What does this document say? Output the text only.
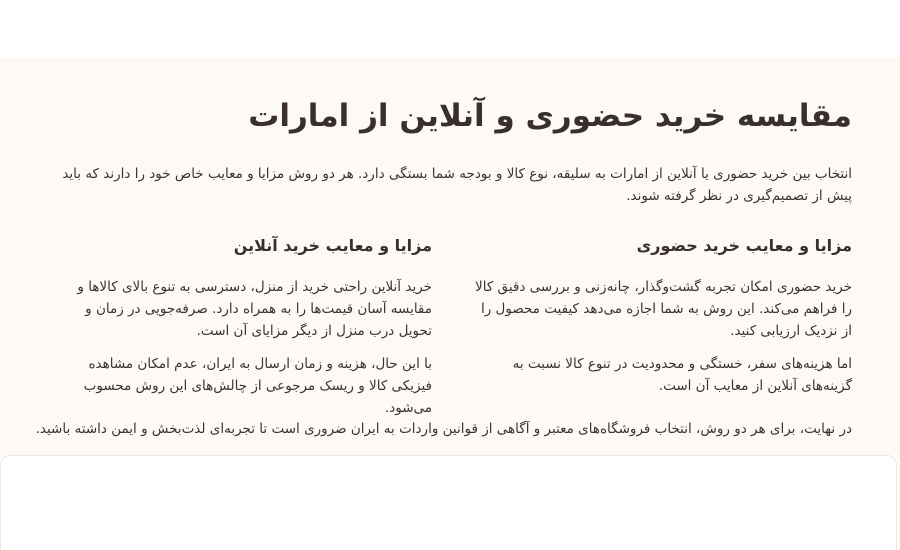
مقایسه خرید حضوری و آنلاین از امارات

انتخاب بین خرید حضوری یا آنلاین از امارات به سلیقه، نوع کالا و بودجه شما بستگی دارد. هر دو روش مزایا و معایب خاص خود را دارند که باید پیش از تصمیم‌گیری در نظر گرفته شوند.

مزایا و معایب خرید حضوری

خرید حضوری امکان تجربه گشت‌وگذار، چانه‌زنی و بررسی دقیق کالا را فراهم می‌کند. این روش به شما اجازه می‌دهد کیفیت محصول را از نزدیک ارزیابی کنید.

اما هزینه‌های سفر، خستگی و محدودیت در تنوع کالا نسبت به گزینه‌های آنلاین از معایب آن است.

مزایا و معایب خرید آنلاین

خرید آنلاین راحتی خرید از منزل، دسترسی به تنوع بالای کالاها و مقایسه آسان قیمت‌ها را به همراه دارد. صرفه‌جویی در زمان و تحویل درب منزل از دیگر مزایای آن است.

با این حال، هزینه و زمان ارسال به ایران، عدم امکان مشاهده فیزیکی کالا و ریسک مرجوعی از چالش‌های این روش محسوب می‌شود.

در نهایت، برای هر دو روش، انتخاب فروشگاه‌های معتبر و آگاهی از قوانین واردات به ایران ضروری است تا تجربه‌ای لذت‌بخش و ایمن داشته باشید.
